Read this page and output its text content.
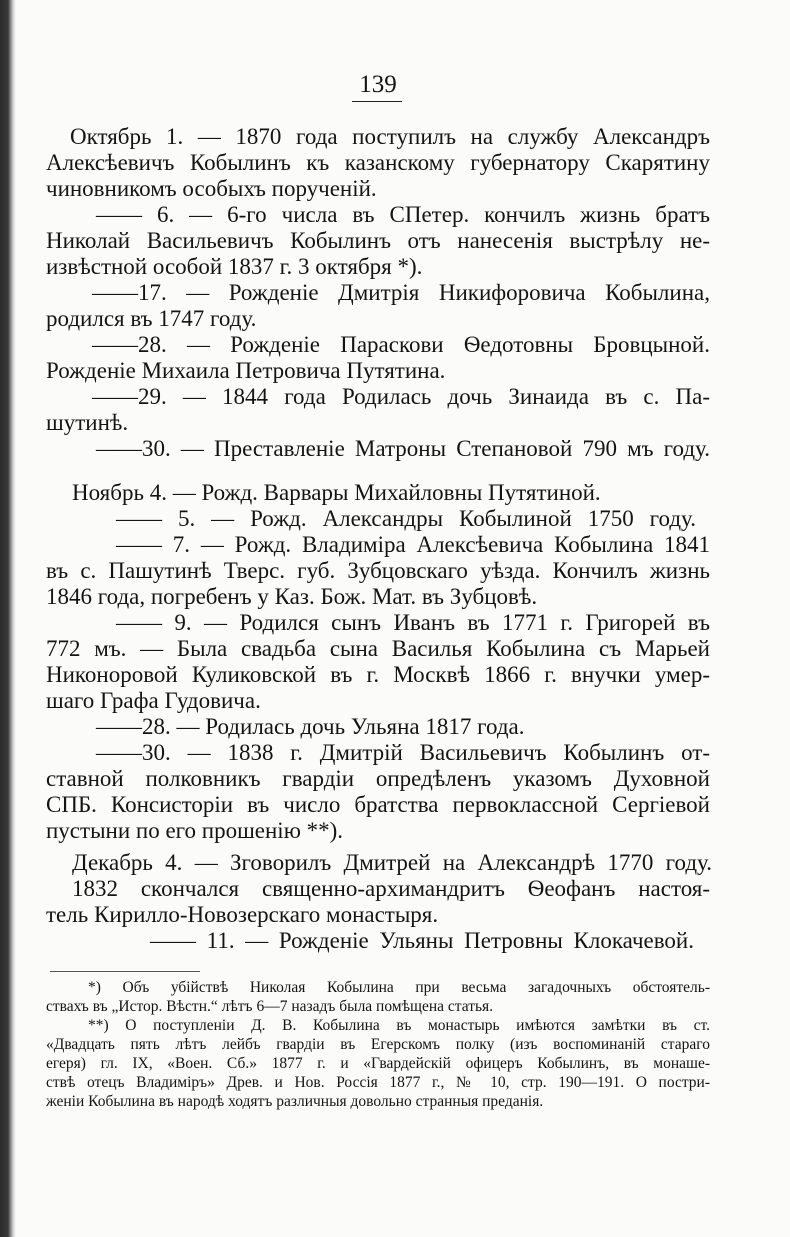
139
Октябрь 1. — 1870 года поступилъ на службу Александръ
Алексѣевичъ Кобылинъ къ казанскому губернатору Скарятину
чиновникомъ особыхъ порученій.
—— 6. — 6-го числа въ СПетер. кончилъ жизнь братъ
Николай Васильевичъ Кобылинъ отъ нанесенія выстрѣлу не-
извѣстной особой 1837 г. 3 октября *).
——17. — Рожденіе Дмитрія Никифоровича Кобылина,
родился въ 1747 году.
——28. — Рожденіе Параскови Ѳедотовны Бровцыной.
Рожденіе Михаила Петровича Путятина.
——29. — 1844 года Родилась дочь Зинаида въ с. Па-
шутинѣ.
——30. — Преставленіе Матроны Степановой 790 мъ году.
Ноябрь 4. — Рожд. Варвары Михайловны Путятиной.
—— 5. — Рожд. Александры Кобылиной 1750 году.
—— 7. — Рожд. Владиміра Алексѣевича Кобылина 1841
въ с. Пашутинѣ Тверс. губ. Зубцовскаго уѣзда. Кончилъ жизнь
1846 года, погребенъ у Каз. Бож. Мат. въ Зубцовѣ.
—— 9. — Родился сынъ Иванъ въ 1771 г. Григорей въ
772 мъ. — Была свадьба сына Василья Кобылина съ Марьей
Никоноровой Куликовской въ г. Москвѣ 1866 г. внучки умер-
шаго Графа Гудовича.
——28. — Родилась дочь Ульяна 1817 года.
——30. — 1838 г. Дмитрій Васильевичъ Кобылинъ от-
ставной полковникъ гвардіи опредѣленъ указомъ Духовной
СПБ. Консисторіи въ число братства первоклассной Сергіевой
пустыни по его прошенію **).
Декабрь 4. — Зговорилъ Дмитрей на Александрѣ 1770 году.
1832 скончался священно-архимандритъ Ѳеофанъ настоя-
тель Кирилло-Новозерскаго монастыря.
—— 11. — Рожденіе Ульяны Петровны Клокачевой.
*) Объ убійствѣ Николая Кобылина при весьма загадочныхъ обстоятель-
ствахъ въ „Истор. Вѣстн.“ лѣтъ 6—7 назадъ была помѣщена статья.
**) О поступленіи Д. В. Кобылина въ монастырь имѣются замѣтки въ ст.
«Двадцать пять лѣтъ лейбъ гвардіи въ Егерскомъ полку (изъ воспоминаній стараго
егеря) гл. IX, «Воен. Сб.» 1877 г. и «Гвардейскій офицеръ Кобылинъ, въ монаше-
ствѣ отецъ Владиміръ» Древ. и Нов. Россія 1877 г., № 10, стр. 190—191. О постри-
женіи Кобылина въ народѣ ходятъ различныя довольно странныя преданія.
